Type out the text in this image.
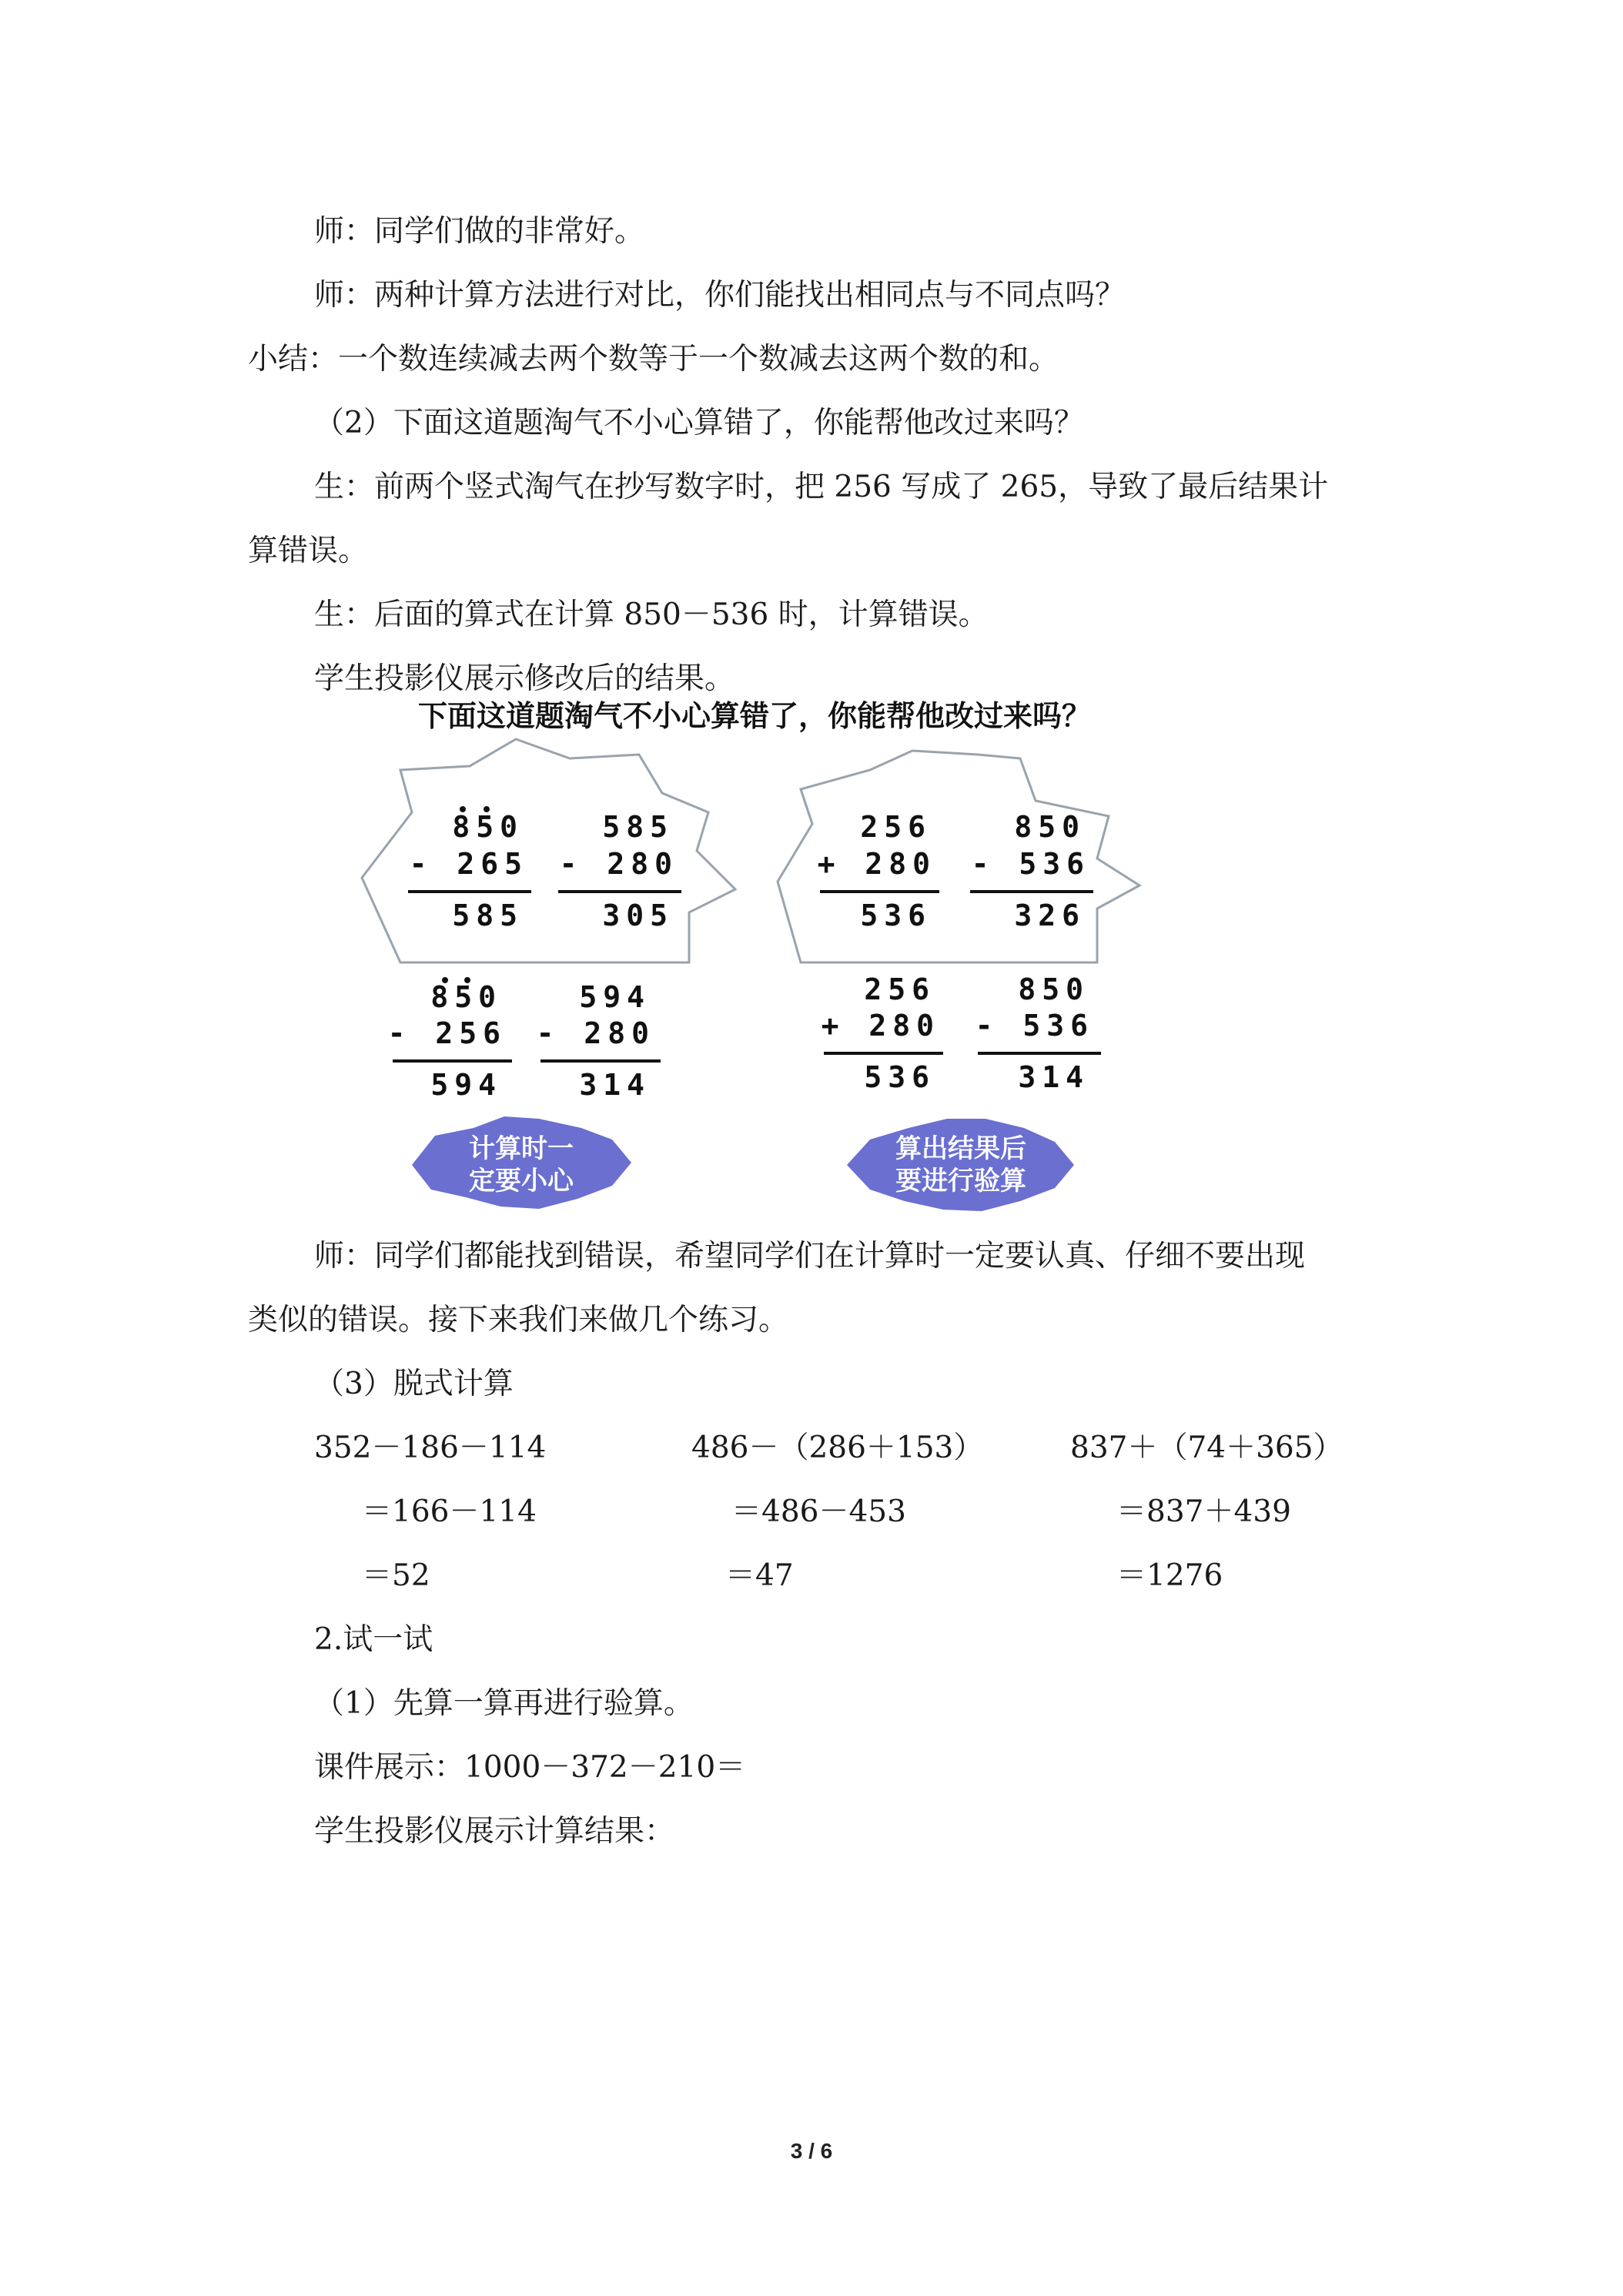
师：同学们做的非常好。
师：两种计算方法进行对比，你们能找出相同点与不同点吗？
小结：一个数连续减去两个数等于一个数减去这两个数的和。
（2）下面这道题淘气不小心算错了，你能帮他改过来吗？
生：前两个竖式淘气在抄写数字时，把 256 写成了 265，导致了最后结果计
算错误。
生：后面的算式在计算 850－536 时，计算错误。
学生投影仪展示修改后的结果。
下面这道题淘气不小心算错了，你能帮他改过来吗？
850
- 265
585
585
- 280
305
256
+ 280
536
850
- 536
326
850
- 256
594
594
- 280
314
256
+ 280
536
850
- 536
314
计算时一
定要小心
算出结果后
要进行验算
师：同学们都能找到错误，希望同学们在计算时一定要认真、仔细不要出现
类似的错误。接下来我们来做几个练习。
（3）脱式计算
352－186－114
＝166－114
＝52
486－（286＋153）
＝486－453
＝47
837＋（74＋365）
＝837＋439
＝1276
2.试一试
（1）先算一算再进行验算。
课件展示：1000－372－210＝
学生投影仪展示计算结果：
3 / 6
